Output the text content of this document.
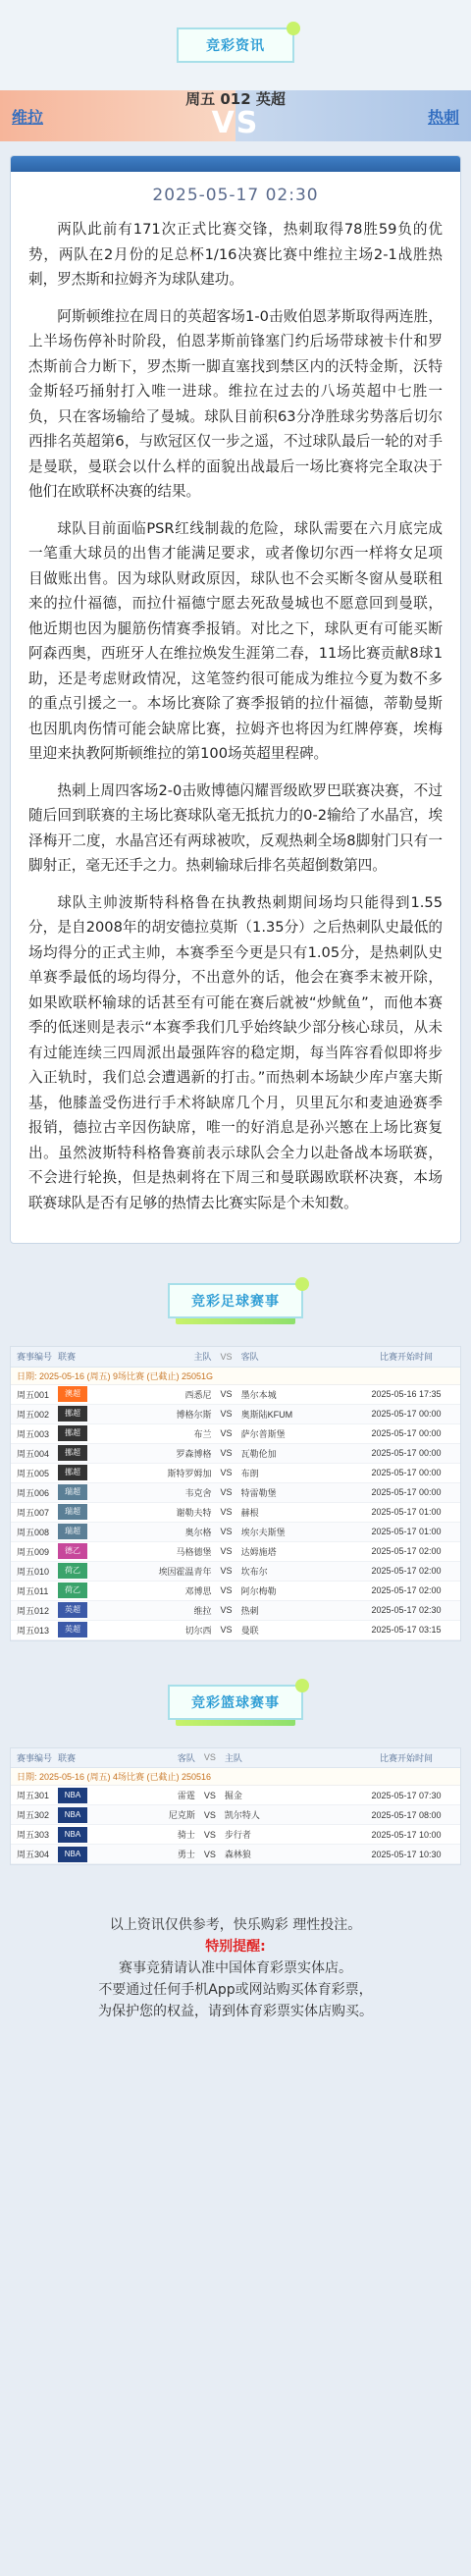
竞彩资讯
维拉	热刺
周五 012 英超
VS
2025-05-17 02:30

两队此前有171次正式比赛交锋，热刺取得78胜59负的优势，两队在2月份的足总杯1/16决赛比赛中维拉主场2-1战胜热刺，罗杰斯和拉姆齐为球队建功。

阿斯顿维拉在周日的英超客场1-0击败伯恩茅斯取得两连胜，上半场伤停补时阶段，伯恩茅斯前锋塞门约后场带球被卡什和罗杰斯前合力断下，罗杰斯一脚直塞找到禁区内的沃特金斯，沃特金斯轻巧捅射打入唯一进球。维拉在过去的八场英超中七胜一负，只在客场输给了曼城。球队目前积63分净胜球劣势落后切尔西排名英超第6，与欧冠区仅一步之遥，不过球队最后一轮的对手是曼联，曼联会以什么样的面貌出战最后一场比赛将完全取决于他们在欧联杯决赛的结果。

球队目前面临PSR红线制裁的危险，球队需要在六月底完成一笔重大球员的出售才能满足要求，或者像切尔西一样将女足项目做账出售。因为球队财政原因，球队也不会买断冬窗从曼联租来的拉什福德，而拉什福德宁愿去死敌曼城也不愿意回到曼联，他近期也因为腿筋伤情赛季报销。对比之下，球队更有可能买断阿森西奥，西班牙人在维拉焕发生涯第二春，11场比赛贡献8球1助，还是考虑财政情况，这笔签约很可能成为维拉今夏为数不多的重点引援之一。本场比赛除了赛季报销的拉什福德，蒂勒曼斯也因肌肉伤情可能会缺席比赛，拉姆齐也将因为红牌停赛，埃梅里迎来执教阿斯顿维拉的第100场英超里程碑。

热刺上周四客场2-0击败博德闪耀晋级欧罗巴联赛决赛，不过随后回到联赛的主场比赛球队毫无抵抗力的0-2输给了水晶宫，埃泽梅开二度，水晶宫还有两球被吹，反观热刺全场8脚射门只有一脚射正，毫无还手之力。热刺输球后排名英超倒数第四。

球队主帅波斯特科格鲁在执教热刺期间场均只能得到1.55分，是自2008年的胡安德拉莫斯（1.35分）之后热刺队史最低的场均得分的正式主帅，本赛季至今更是只有1.05分，是热刺队史单赛季最低的场均得分，不出意外的话，他会在赛季末被开除，如果欧联杯输球的话甚至有可能在赛后就被“炒鱿鱼”，而他本赛季的低迷则是表示“本赛季我们几乎始终缺少部分核心球员，从未有过能连续三四周派出最强阵容的稳定期，每当阵容看似即将步入正轨时，我们总会遭遇新的打击。”而热刺本场缺少库卢塞夫斯基，他膝盖受伤进行手术将缺席几个月，贝里瓦尔和麦迪逊赛季报销，德拉古辛因伤缺席，唯一的好消息是孙兴慜在上场比赛复出。虽然波斯特科格鲁赛前表示球队会全力以赴备战本场联赛，不会进行轮换，但是热刺将在下周三和曼联踢欧联杯决赛，本场联赛球队是否有足够的热情去比赛实际是个未知数。

竞彩足球赛事
赛事编号	联赛	主队	VS	客队	比赛开始时间
日期: 2025-05-16 (周五) 9场比赛 (已截止) 25051G					
周五001	澳超	西悉尼	VS	墨尔本城	2025-05-16 17:35
周五002	挪超	博格尔斯	VS	奥斯陆KFUM	2025-05-17 00:00
周五003	挪超	布兰	VS	萨尔普斯堡	2025-05-17 00:00
周五004	挪超	罗森博格	VS	瓦勒伦加	2025-05-17 00:00
周五005	挪超	斯特罗姆加	VS	布朗	2025-05-17 00:00
周五006	瑞超	韦克舍	VS	特雷勒堡	2025-05-17 00:00
周五007	瑞超	谢勒夫特	VS	赫根	2025-05-17 01:00
周五008	瑞超	奥尔格	VS	埃尔夫斯堡	2025-05-17 01:00
周五009	德乙	马格德堡	VS	达姆施塔	2025-05-17 02:00
周五010	荷乙	埃因霍温青年	VS	坎布尔	2025-05-17 02:00
周五011	荷乙	邓博思	VS	阿尔梅勒	2025-05-17 02:00
周五012	英超	维拉	VS	热刺	2025-05-17 02:30
周五013	英超	切尔西	VS	曼联	2025-05-17 03:15
竞彩篮球赛事
赛事编号	联赛	客队	VS	主队	比赛开始时间
日期: 2025-05-16 (周五) 4场比赛 (已截止) 250516					
周五301	NBA	雷霆	VS	掘金	2025-05-17 07:30
周五302	NBA	尼克斯	VS	凯尔特人	2025-05-17 08:00
周五303	NBA	骑士	VS	步行者	2025-05-17 10:00
周五304	NBA	勇士	VS	森林狼	2025-05-17 10:30
以上资讯仅供参考，快乐购彩 理性投注。
特别提醒:
赛事竞猜请认准中国体育彩票实体店。
不要通过任何手机App或网站购买体育彩票，
为保护您的权益，请到体育彩票实体店购买。
